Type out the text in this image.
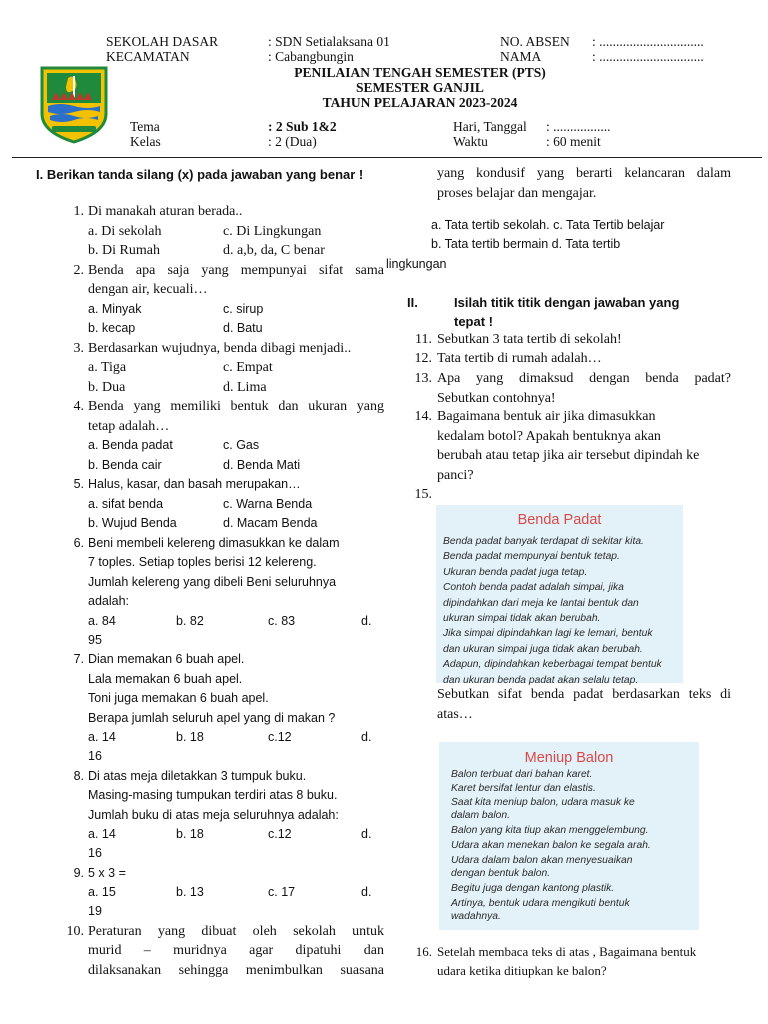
SEKOLAH DASAR	: SDN Setialaksana 01	NO. ABSEN : ...............................
KECAMATAN	: Cabangbungin	NAMA	: ...............................
PENILAIAN TENGAH SEMESTER (PTS)
SEMESTER GANJIL
TAHUN PELAJARAN 2023-2024
Tema	: 2 Sub 1&2	Hari, Tanggal : .................
Kelas	: 2 (Dua)	Waktu	: 60 menit
I. Berikan tanda silang (x) pada jawaban yang benar !
1. Di manakah aturan berada..
a. Di sekolah	c. Di Lingkungan
b. Di Rumah	d. a,b, da, C benar
2. Benda apa saja yang mempunyai sifat sama
dengan air, kecuali…
a. Minyak	c. sirup
b. kecap	d. Batu
3. Berdasarkan wujudnya, benda dibagi menjadi..
a. Tiga	c. Empat
b. Dua	d. Lima
4. Benda yang memiliki bentuk dan ukuran yang
tetap adalah…
a. Benda padat	c. Gas
b. Benda cair	d. Benda Mati
5. Halus, kasar, dan basah merupakan…
a. sifat benda	c. Warna Benda
b. Wujud Benda	d. Macam Benda
6. Beni membeli kelereng dimasukkan ke dalam
7 toples. Setiap toples berisi 12 kelereng.
Jumlah kelereng yang dibeli Beni seluruhnya
adalah:
a. 84	b. 82	c. 83	d.
95
7. Dian memakan 6 buah apel.
Lala memakan 6 buah apel.
Toni juga memakan 6 buah apel.
Berapa jumlah seluruh apel yang di makan ?
a. 14	b. 18	c.12	d.
16
8. Di atas meja diletakkan 3 tumpuk buku.
Masing-masing tumpukan terdiri atas 8 buku.
Jumlah buku di atas meja seluruhnya adalah:
a. 14	b. 18	c.12	d.
16
9. 5 x 3 =
a. 15	b. 13	c. 17	d.
19
10. Peraturan yang dibuat oleh sekolah untuk
murid – muridnya agar dipatuhi dan
dilaksanakan sehingga menimbulkan suasana
yang kondusif yang berarti kelancaran dalam
proses belajar dan mengajar.
a. Tata tertib sekolah. c. Tata Tertib belajar
b. Tata tertib bermain d. Tata tertib
lingkungan
II.	Isilah titik titik dengan jawaban yang
tepat !
11. Sebutkan 3 tata tertib di sekolah!
12. Tata tertib di rumah adalah…
13. Apa yang dimaksud dengan benda padat?
Sebutkan contohnya!
14. Bagaimana bentuk air jika dimasukkan
kedalam botol? Apakah bentuknya akan
berubah atau tetap jika air tersebut dipindah ke
panci?
15.
Benda Padat
Benda padat banyak terdapat di sekitar kita.
Benda padat mempunyai bentuk tetap.
Ukuran benda padat juga tetap.
Contoh benda padat adalah simpai, jika
dipindahkan dari meja ke lantai bentuk dan
ukuran simpai tidak akan berubah.
Jika simpai dipindahkan lagi ke lemari, bentuk
dan ukuran simpai juga tidak akan berubah.
Adapun, dipindahkan keberbagai tempat bentuk
dan ukuran benda padat akan selalu tetap.
Sebutkan sifat benda padat berdasarkan teks di
atas…
Meniup Balon
Balon terbuat dari bahan karet.
Karet bersifat lentur dan elastis.
Saat kita meniup balon, udara masuk ke
dalam balon.
Balon yang kita tiup akan menggelembung.
Udara akan menekan balon ke segala arah.
Udara dalam balon akan menyesuaikan
dengan bentuk balon.
Begitu juga dengan kantong plastik.
Artinya, bentuk udara mengikuti bentuk
wadahnya.
16. Setelah membaca teks di atas , Bagaimana bentuk
udara ketika ditiupkan ke balon?
